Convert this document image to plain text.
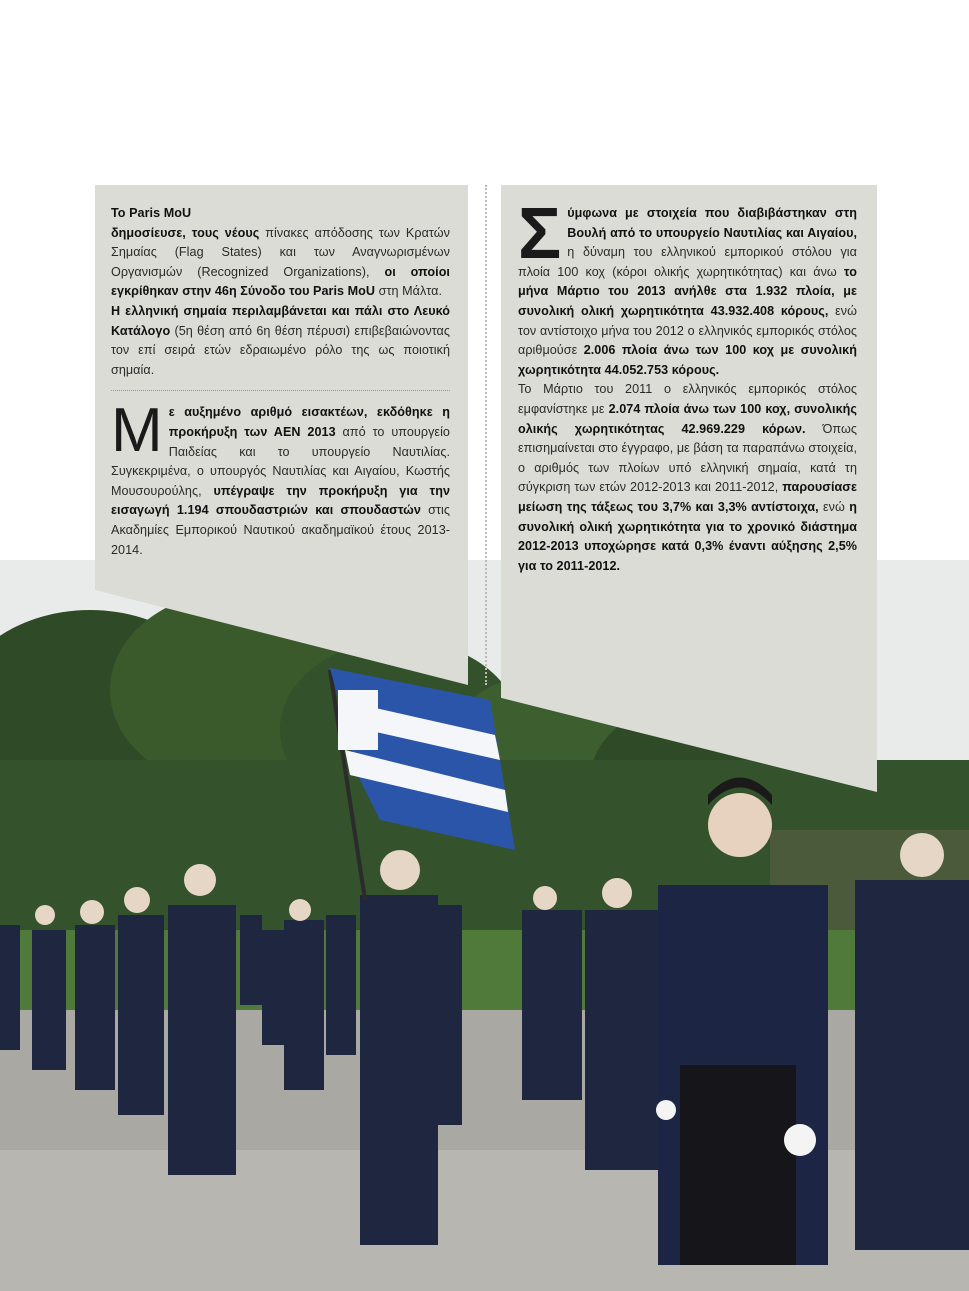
Το Paris MoU
δημοσίευσε, τους νέους πίνακες απόδοσης των Κρατών Σημαίας (Flag States) και των Αναγνωρισμένων Οργανισμών (Recognized Organizations), οι οποίοι εγκρίθηκαν στην 46η Σύνοδο του Paris MoU στη Μάλτα.

Η ελληνική σημαία περιλαμβάνεται και πάλι στο Λευκό Κατάλογο (5η θέση από 6η θέση πέρυσι) επιβεβαιώνοντας τον επί σειρά ετών εδραιωμένο ρόλο της ως ποιοτική σημαία.

Με αυξημένο αριθμό εισακτέων, εκδόθηκε η προκήρυξη των ΑΕΝ 2013 από το υπουργείο Παιδείας και το υπουργείο Ναυτιλίας. Συγκεκριμένα, ο υπουργός Ναυτιλίας και Αιγαίου, Κωστής Μουσουρούλης, υπέγραψε την προκήρυξη για την εισαγωγή 1.194 σπουδαστριών και σπουδαστών στις Ακαδημίες Εμπορικού Ναυτικού ακαδημαϊκού έτους 2013-2014.

Σύμφωνα με στοιχεία που διαβιβάστηκαν στη Βουλή από το υπουργείο Ναυτιλίας και Αιγαίου, η δύναμη του ελληνικού εμπορικού στόλου για πλοία 100 κοχ (κόροι ολικής χωρητικότητας) και άνω το μήνα Μάρτιο του 2013 ανήλθε στα 1.932 πλοία, με συνολική ολική χωρητικότητα 43.932.408 κόρους, ενώ τον αντίστοιχο μήνα του 2012 ο ελληνικός εμπορικός στόλος αριθμούσε 2.006 πλοία άνω των 100 κοχ με συνολική χωρητικότητα 44.052.753 κόρους.

Το Μάρτιο του 2011 ο ελληνικός εμπορικός στόλος εμφανίστηκε με 2.074 πλοία άνω των 100 κοχ, συνολικής ολικής χωρητικότητας 42.969.229 κόρων. Όπως επισημαίνεται στο έγγραφο, με βάση τα παραπάνω στοιχεία, ο αριθμός των πλοίων υπό ελληνική σημαία, κατά τη σύγκριση των ετών 2012-2013 και 2011-2012, παρουσίασε μείωση της τάξεως του 3,7% και 3,3% αντίστοιχα, ενώ η συνολική ολική χωρητικότητα για το χρονικό διάστημα 2012-2013 υποχώρησε κατά 0,3% έναντι αύξησης 2,5% για το 2011-2012.
